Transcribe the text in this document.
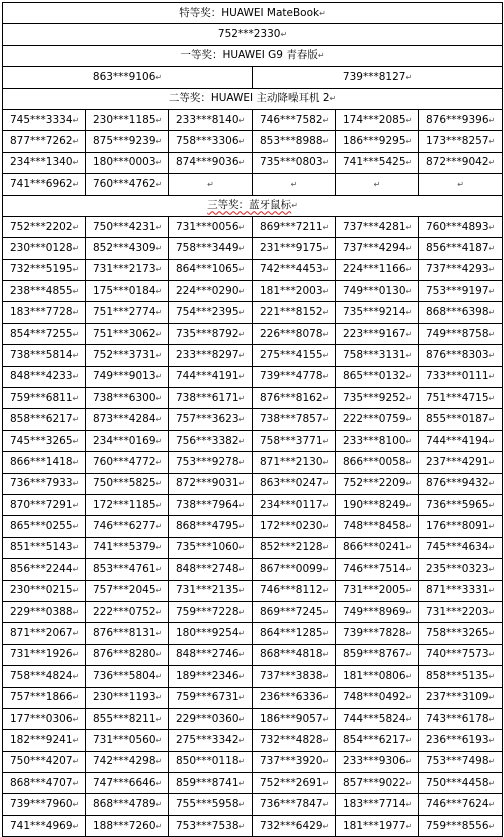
特等奖：HUAWEI MateBook↵					
752***2330↵					
一等奖：HUAWEI G9 青春版↵					
863***9106↵			739***8127↵		
二等奖：HUAWEI 主动降噪耳机 2↵					
745***3334↵	230***1185↵	233***8140↵	746***7582↵	174***2085↵	876***9396↵
877***7262↵	875***9239↵	758***3306↵	853***8988↵	186***9295↵	173***8257↵
234***1340↵	180***0003↵	874***9036↵	735***0803↵	741***5425↵	872***9042↵
741***6962↵	760***4762↵	↵	↵	↵	↵
三等奖：蓝牙鼠标↵					
752***2202↵	750***4231↵	731***0056↵	869***7211↵	737***4281↵	760***4893↵
230***0128↵	852***4309↵	758***3449↵	231***9175↵	737***4294↵	856***4187↵
732***5195↵	731***2173↵	864***1065↵	742***4453↵	224***1166↵	737***4293↵
238***4855↵	175***0184↵	224***0290↵	181***2003↵	749***0130↵	753***9197↵
183***7728↵	751***2774↵	754***2395↵	221***8152↵	735***9214↵	868***6398↵
854***7255↵	751***3062↵	735***8792↵	226***8078↵	223***9167↵	749***8758↵
738***5814↵	752***3731↵	233***8297↵	275***4155↵	758***3131↵	876***8303↵
848***4233↵	749***9013↵	744***4191↵	739***4778↵	865***0132↵	733***0111↵
759***6811↵	738***6300↵	738***6171↵	876***8162↵	735***9252↵	751***4715↵
858***6217↵	873***4284↵	757***3623↵	738***7857↵	222***0759↵	855***0187↵
745***3265↵	234***0169↵	756***3382↵	758***3771↵	233***8100↵	744***4194↵
866***1418↵	760***4772↵	753***9278↵	871***2130↵	866***0058↵	237***4291↵
736***7933↵	750***5825↵	872***9031↵	863***0247↵	752***2209↵	876***9432↵
870***7291↵	172***1185↵	738***7964↵	234***0117↵	190***8249↵	736***5965↵
865***0255↵	746***6277↵	868***4795↵	172***0230↵	748***8458↵	176***8091↵
851***5143↵	741***5379↵	735***1060↵	852***2128↵	866***0241↵	745***4634↵
856***2244↵	853***4761↵	848***2748↵	867***0099↵	746***7514↵	235***0323↵
230***0215↵	757***2045↵	731***2135↵	746***8112↵	731***2005↵	871***3331↵
229***0388↵	222***0752↵	759***7228↵	869***7245↵	749***8969↵	731***2203↵
871***2067↵	876***8131↵	180***9254↵	864***1285↵	739***7828↵	758***3265↵
731***1926↵	876***8280↵	848***2746↵	868***4818↵	859***8767↵	740***7573↵
758***4824↵	736***5804↵	189***2346↵	737***3838↵	181***0806↵	858***5135↵
757***1866↵	230***1193↵	759***6731↵	236***6336↵	748***0492↵	237***3109↵
177***0306↵	855***8211↵	229***0360↵	186***9057↵	744***5824↵	743***6178↵
182***9241↵	731***0560↵	275***3342↵	732***4828↵	854***6217↵	236***6193↵
750***4207↵	742***4298↵	850***0118↵	737***3920↵	233***9306↵	753***7498↵
868***4707↵	747***6646↵	859***8741↵	752***2691↵	857***9022↵	750***4458↵
739***7960↵	868***4789↵	755***5958↵	736***7847↵	183***7714↵	746***7624↵
741***4969↵	188***7260↵	753***7538↵	732***6429↵	181***1977↵	759***8556↵
